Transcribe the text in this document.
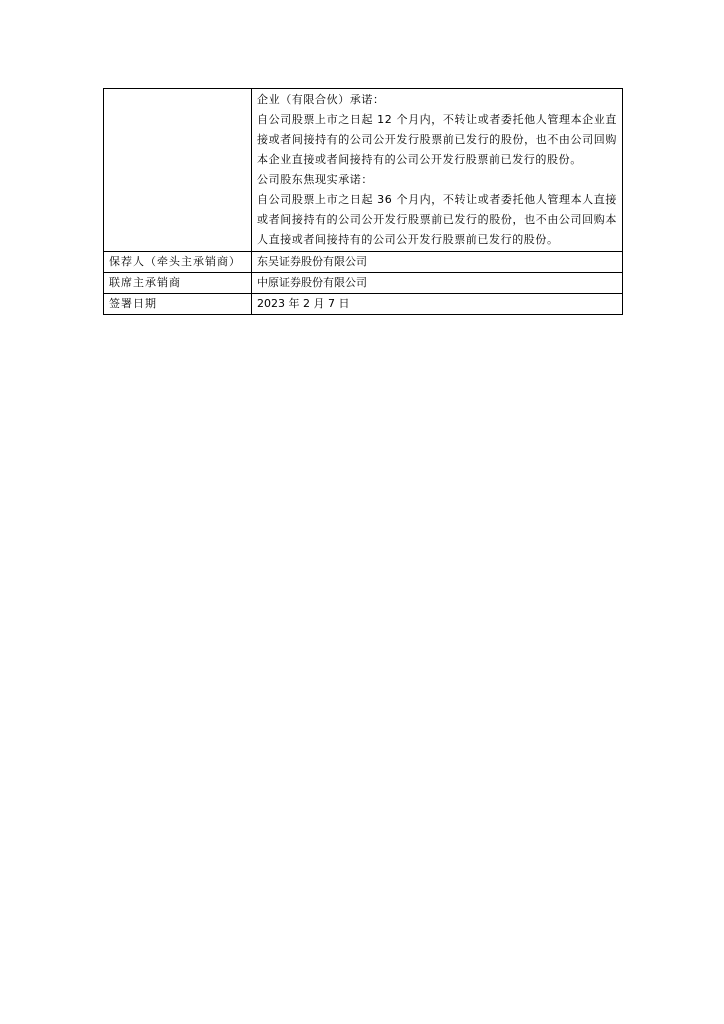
	企业（有限合伙）承诺：

自公司股票上市之日起 12 个月内，不转让或者委托他人管理本企业直接或者间接持有的公司公开发行股票前已发行的股份，也不由公司回购本企业直接或者间接持有的公司公开发行股票前已发行的股份。

公司股东焦现实承诺：

自公司股票上市之日起 36 个月内，不转让或者委托他人管理本人直接或者间接持有的公司公开发行股票前已发行的股份，也不由公司回购本人直接或者间接持有的公司公开发行股票前已发行的股份。

保荐人（牵头主承销商）	东吴证券股份有限公司
联席主承销商	中原证券股份有限公司
签署日期	2023 年 2 月 7 日
